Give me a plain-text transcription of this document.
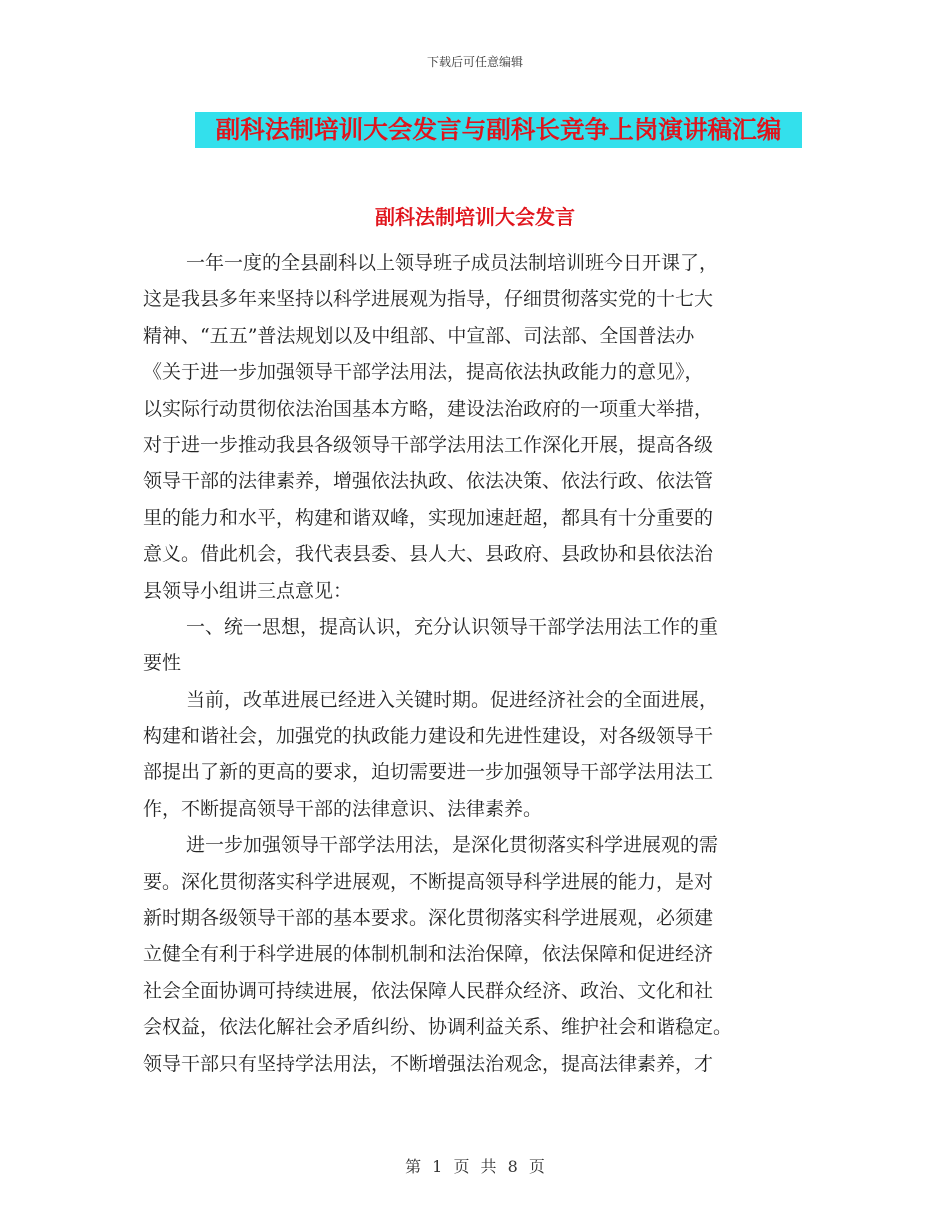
下载后可任意编辑
副科法制培训大会发言与副科长竞争上岗演讲稿汇编
副科法制培训大会发言
一年一度的全县副科以上领导班子成员法制培训班今日开课了，
这是我县多年来坚持以科学进展观为指导，仔细贯彻落实党的十七大
精神、“五五”普法规划以及中组部、中宣部、司法部、全国普法办
《关于进一步加强领导干部学法用法，提高依法执政能力的意见》，
以实际行动贯彻依法治国基本方略，建设法治政府的一项重大举措，
对于进一步推动我县各级领导干部学法用法工作深化开展，提高各级
领导干部的法律素养，增强依法执政、依法决策、依法行政、依法管
里的能力和水平，构建和谐双峰，实现加速赶超，都具有十分重要的
意义。借此机会，我代表县委、县人大、县政府、县政协和县依法治
县领导小组讲三点意见：
一、统一思想，提高认识，充分认识领导干部学法用法工作的重
要性
当前，改革进展已经进入关键时期。促进经济社会的全面进展，
构建和谐社会，加强党的执政能力建设和先进性建设，对各级领导干
部提出了新的更高的要求，迫切需要进一步加强领导干部学法用法工
作，不断提高领导干部的法律意识、法律素养。
进一步加强领导干部学法用法，是深化贯彻落实科学进展观的需
要。深化贯彻落实科学进展观，不断提高领导科学进展的能力，是对
新时期各级领导干部的基本要求。深化贯彻落实科学进展观，必须建
立健全有利于科学进展的体制机制和法治保障，依法保障和促进经济
社会全面协调可持续进展，依法保障人民群众经济、政治、文化和社
会权益，依法化解社会矛盾纠纷、协调利益关系、维护社会和谐稳定。
领导干部只有坚持学法用法，不断增强法治观念，提高法律素养，才
第 1 页 共 8 页
